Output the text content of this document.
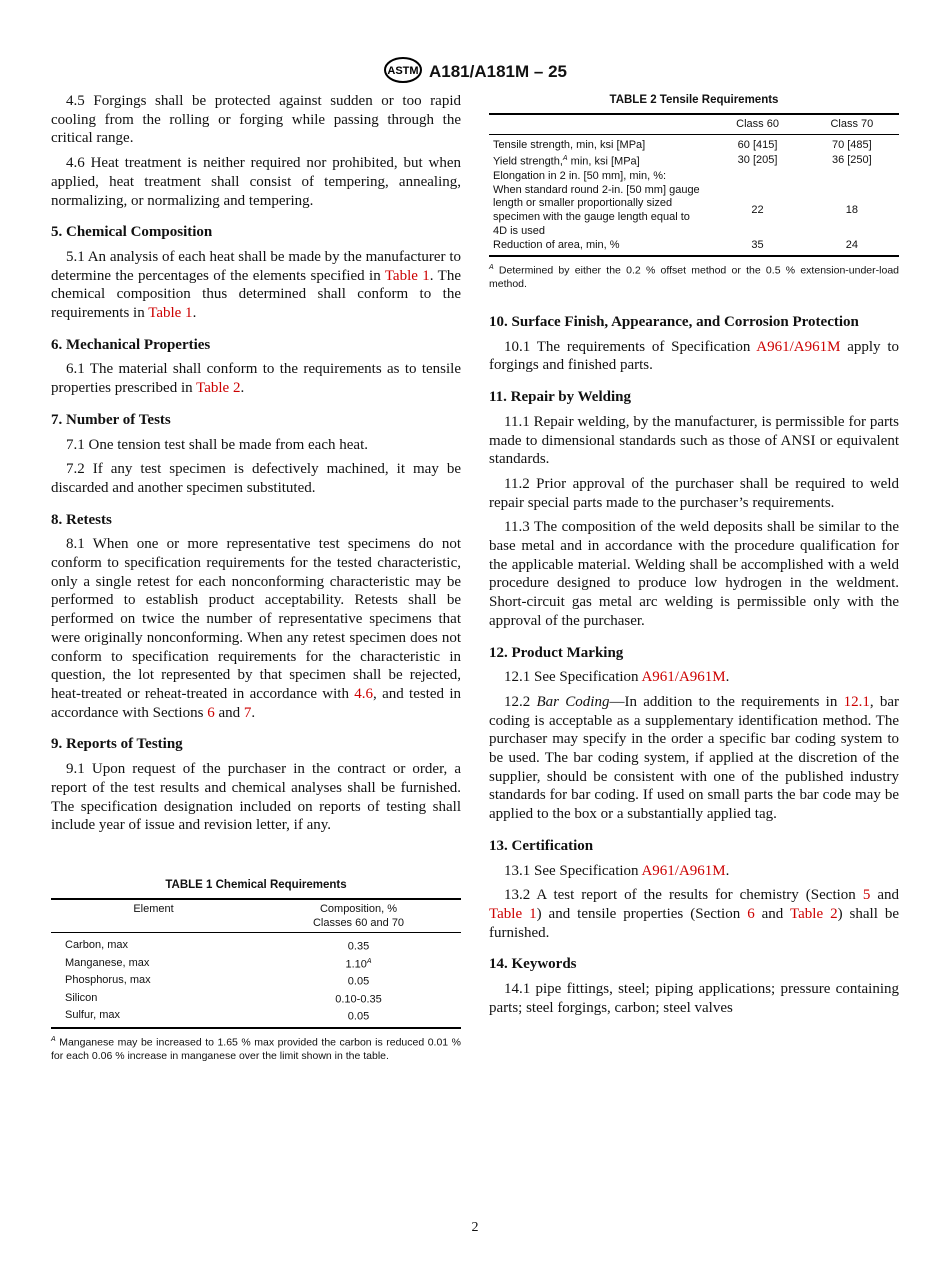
ASTM A181/A181M – 25

4.5 Forgings shall be protected against sudden or too rapid cooling from the rolling or forging while passing through the critical range.

4.6 Heat treatment is neither required nor prohibited, but when applied, heat treatment shall consist of tempering, annealing, normalizing, or normalizing and tempering.

5. Chemical Composition

5.1 An analysis of each heat shall be made by the manufacturer to determine the percentages of the elements specified in Table 1. The chemical composition thus determined shall conform to the requirements in Table 1.

6. Mechanical Properties

6.1 The material shall conform to the requirements as to tensile properties prescribed in Table 2.

7. Number of Tests

7.1 One tension test shall be made from each heat.

7.2 If any test specimen is defectively machined, it may be discarded and another specimen substituted.

8. Retests

8.1 When one or more representative test specimens do not conform to specification requirements for the tested characteristic, only a single retest for each nonconforming characteristic may be performed to establish product acceptability. Retests shall be performed on twice the number of representative specimens that were originally nonconforming. When any retest specimen does not conform to specification requirements for the characteristic in question, the lot represented by that specimen shall be rejected, heat-treated or reheat-treated in accordance with 4.6, and tested in accordance with Sections 6 and 7.

9. Reports of Testing

9.1 Upon request of the purchaser in the contract or order, a report of the test results and chemical analyses shall be furnished. The specification designation included on reports of testing shall include year of issue and revision letter, if any.

10. Surface Finish, Appearance, and Corrosion Protection

10.1 The requirements of Specification A961/A961M apply to forgings and finished parts.

11. Repair by Welding

11.1 Repair welding, by the manufacturer, is permissible for parts made to dimensional standards such as those of ANSI or equivalent standards.

11.2 Prior approval of the purchaser shall be required to weld repair special parts made to the purchaser’s requirements.

11.3 The composition of the weld deposits shall be similar to the base metal and in accordance with the procedure qualification for the applicable material. Welding shall be accomplished with a weld procedure designed to produce low hydrogen in the weldment. Short-circuit gas metal arc welding is permissible only with the approval of the purchaser.

12. Product Marking

12.1 See Specification A961/A961M.

12.2 Bar Coding—In addition to the requirements in 12.1, bar coding is acceptable as a supplementary identification method. The purchaser may specify in the order a specific bar coding system to be used. The bar coding system, if applied at the discretion of the supplier, should be consistent with one of the published industry standards for bar coding. If used on small parts the bar code may be applied to the box or a substantially applied tag.

13. Certification

13.1 See Specification A961/A961M.

13.2 A test report of the results for chemistry (Section 5 and Table 1) and tensile properties (Section 6 and Table 2) shall be furnished.

14. Keywords

14.1 pipe fittings, steel; piping applications; pressure containing parts; steel forgings, carbon; steel valves

TABLE 1 Chemical Requirements
Element	Composition, %
Classes 60 and 70
Carbon, max	0.35
Manganese, max	$1.10^A$
Phosphorus, max	0.05
Silicon	0.10-0.35
Sulfur, max	0.05
$^A$ Manganese may be increased to 1.65 % max provided the carbon is reduced 0.01 % for each 0.06 % increase in manganese over the limit shown in the table.
TABLE 2 Tensile Requirements
	Class 60	Class 70
Tensile strength, min, ksi [MPa]	60 [415]	70 [485]
Yield strength,$^A$ min, ksi [MPa]	30 [205]	36 [250]
Elongation in 2 in. [50 mm], min, %:		
When standard round 2-in. [50 mm] gauge length or smaller proportionally sized specimen with the gauge length equal to 4D is used	22	18
Reduction of area, min, %	35	24
$^A$ Determined by either the 0.2 % offset method or the 0.5 % extension-under-load method.
2
